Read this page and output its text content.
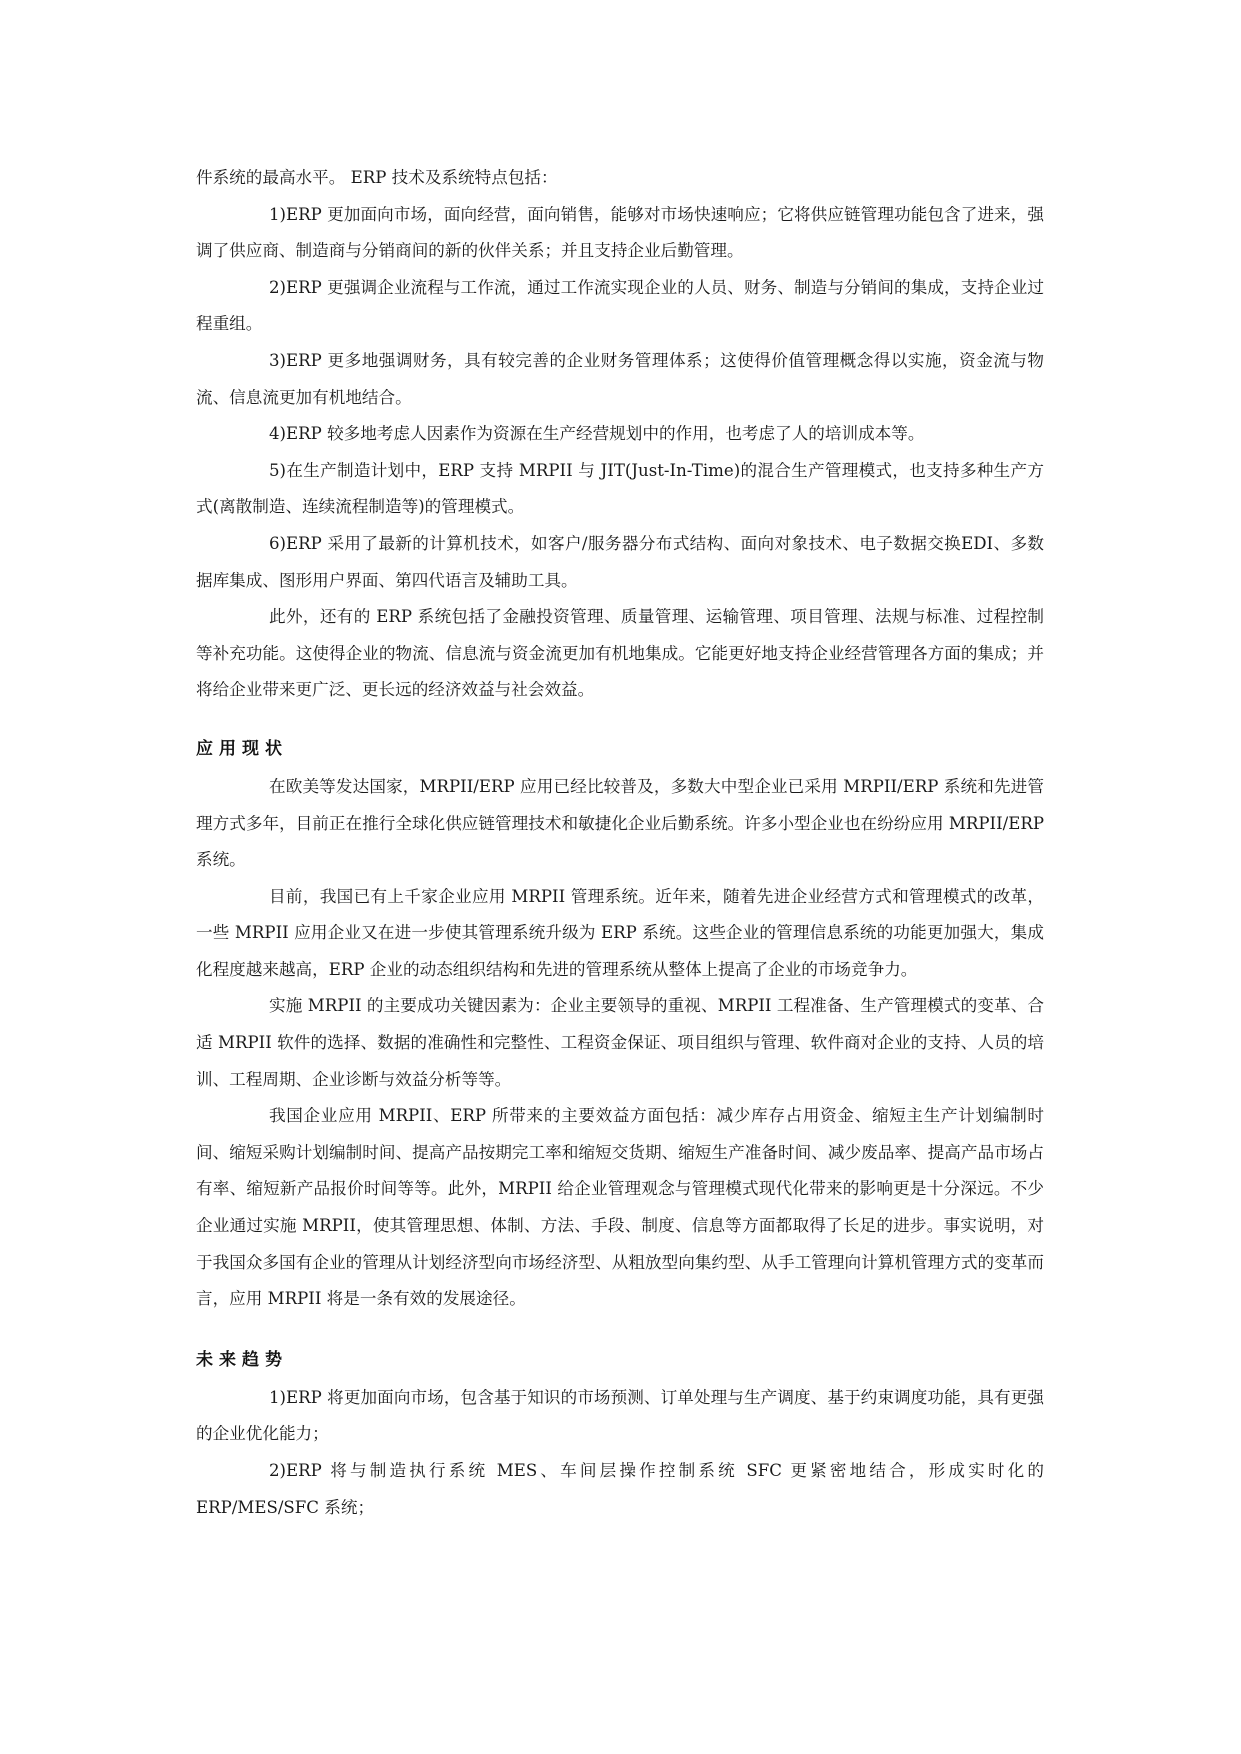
件系统的最高水平。 ERP 技术及系统特点包括：

1)ERP 更加面向市场，面向经营，面向销售，能够对市场快速响应；它将供应链管理功能包含了进来，强调了供应商、制造商与分销商间的新的伙伴关系；并且支持企业后勤管理。

2)ERP 更强调企业流程与工作流，通过工作流实现企业的人员、财务、制造与分销间的集成，支持企业过程重组。

3)ERP 更多地强调财务，具有较完善的企业财务管理体系；这使得价值管理概念得以实施，资金流与物流、信息流更加有机地结合。

4)ERP 较多地考虑人因素作为资源在生产经营规划中的作用，也考虑了人的培训成本等。

5)在生产制造计划中，ERP 支持 MRPII 与 JIT(Just-In-Time)的混合生产管理模式，也支持多种生产方式(离散制造、连续流程制造等)的管理模式。

6)ERP 采用了最新的计算机技术，如客户/服务器分布式结构、面向对象技术、电子数据交换EDI、多数据库集成、图形用户界面、第四代语言及辅助工具。

此外，还有的 ERP 系统包括了金融投资管理、质量管理、运输管理、项目管理、法规与标准、过程控制等补充功能。这使得企业的物流、信息流与资金流更加有机地集成。它能更好地支持企业经营管理各方面的集成；并将给企业带来更广泛、更长远的经济效益与社会效益。

应用现状

在欧美等发达国家，MRPII/ERP 应用已经比较普及，多数大中型企业已采用 MRPII/ERP 系统和先进管理方式多年，目前正在推行全球化供应链管理技术和敏捷化企业后勤系统。许多小型企业也在纷纷应用 MRPII/ERP 系统。

目前，我国已有上千家企业应用 MRPII 管理系统。近年来，随着先进企业经营方式和管理模式的改革，一些 MRPII 应用企业又在进一步使其管理系统升级为 ERP 系统。这些企业的管理信息系统的功能更加强大，集成化程度越来越高，ERP 企业的动态组织结构和先进的管理系统从整体上提高了企业的市场竞争力。

实施 MRPII 的主要成功关键因素为：企业主要领导的重视、MRPII 工程准备、生产管理模式的变革、合适 MRPII 软件的选择、数据的准确性和完整性、工程资金保证、项目组织与管理、软件商对企业的支持、人员的培训、工程周期、企业诊断与效益分析等等。

我国企业应用 MRPII、ERP 所带来的主要效益方面包括：减少库存占用资金、缩短主生产计划编制时间、缩短采购计划编制时间、提高产品按期完工率和缩短交货期、缩短生产准备时间、减少废品率、提高产品市场占有率、缩短新产品报价时间等等。此外，MRPII 给企业管理观念与管理模式现代化带来的影响更是十分深远。不少企业通过实施 MRPII，使其管理思想、体制、方法、手段、制度、信息等方面都取得了长足的进步。事实说明，对于我国众多国有企业的管理从计划经济型向市场经济型、从粗放型向集约型、从手工管理向计算机管理方式的变革而言，应用 MRPII 将是一条有效的发展途径。

未来趋势

1)ERP 将更加面向市场，包含基于知识的市场预测、订单处理与生产调度、基于约束调度功能，具有更强的企业优化能力；

2)ERP 将与制造执行系统 MES、车间层操作控制系统 SFC 更紧密地结合，形成实时化的 ERP/MES/SFC 系统；
